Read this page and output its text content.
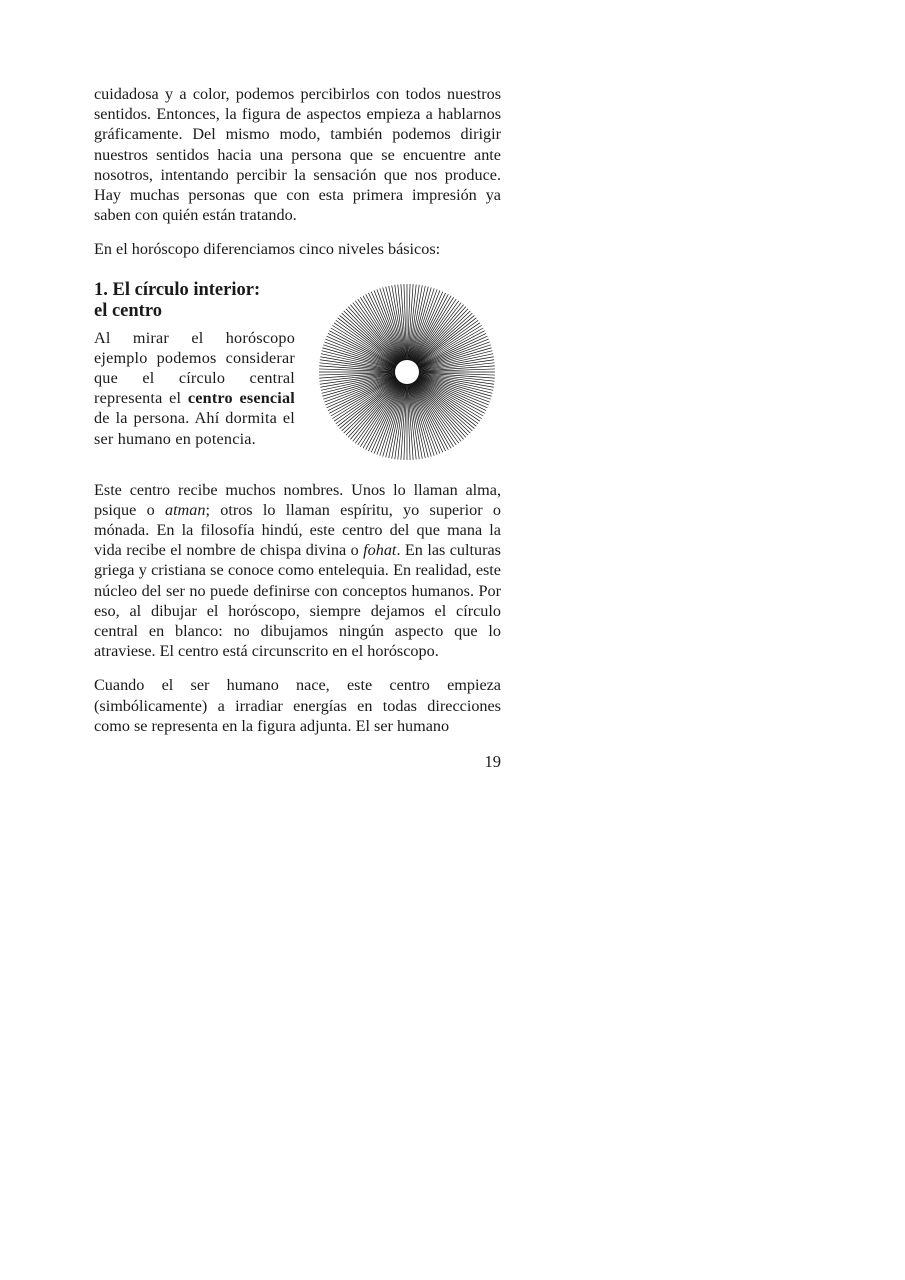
cuidadosa y a color, podemos percibirlos con todos nuestros sentidos. Entonces, la figura de aspectos empieza a hablarnos gráficamente. Del mismo modo, también podemos dirigir nuestros sentidos hacia una persona que se encuentre ante nosotros, intentando percibir la sensación que nos produce. Hay muchas personas que con esta primera impresión ya saben con quién están tratando.

En el horóscopo diferenciamos cinco niveles básicos:

1. El círculo interior:
el centro

Al mirar el horóscopo ejemplo podemos considerar que el círculo central representa el centro esencial de la persona. Ahí dormita el ser humano en potencia.

Este centro recibe muchos nombres. Unos lo llaman alma, psique o atman; otros lo llaman espíritu, yo superior o mónada. En la filosofía hindú, este centro del que mana la vida recibe el nombre de chispa divina o fohat. En las culturas griega y cristiana se conoce como entelequia. En realidad, este núcleo del ser no puede definirse con conceptos humanos. Por eso, al dibujar el horóscopo, siempre dejamos el círculo central en blanco: no dibujamos ningún aspecto que lo atraviese. El centro está circunscrito en el horóscopo.

Cuando el ser humano nace, este centro empieza (simbólicamente) a irradiar energías en todas direcciones como se representa en la figura adjunta. El ser humano

19
